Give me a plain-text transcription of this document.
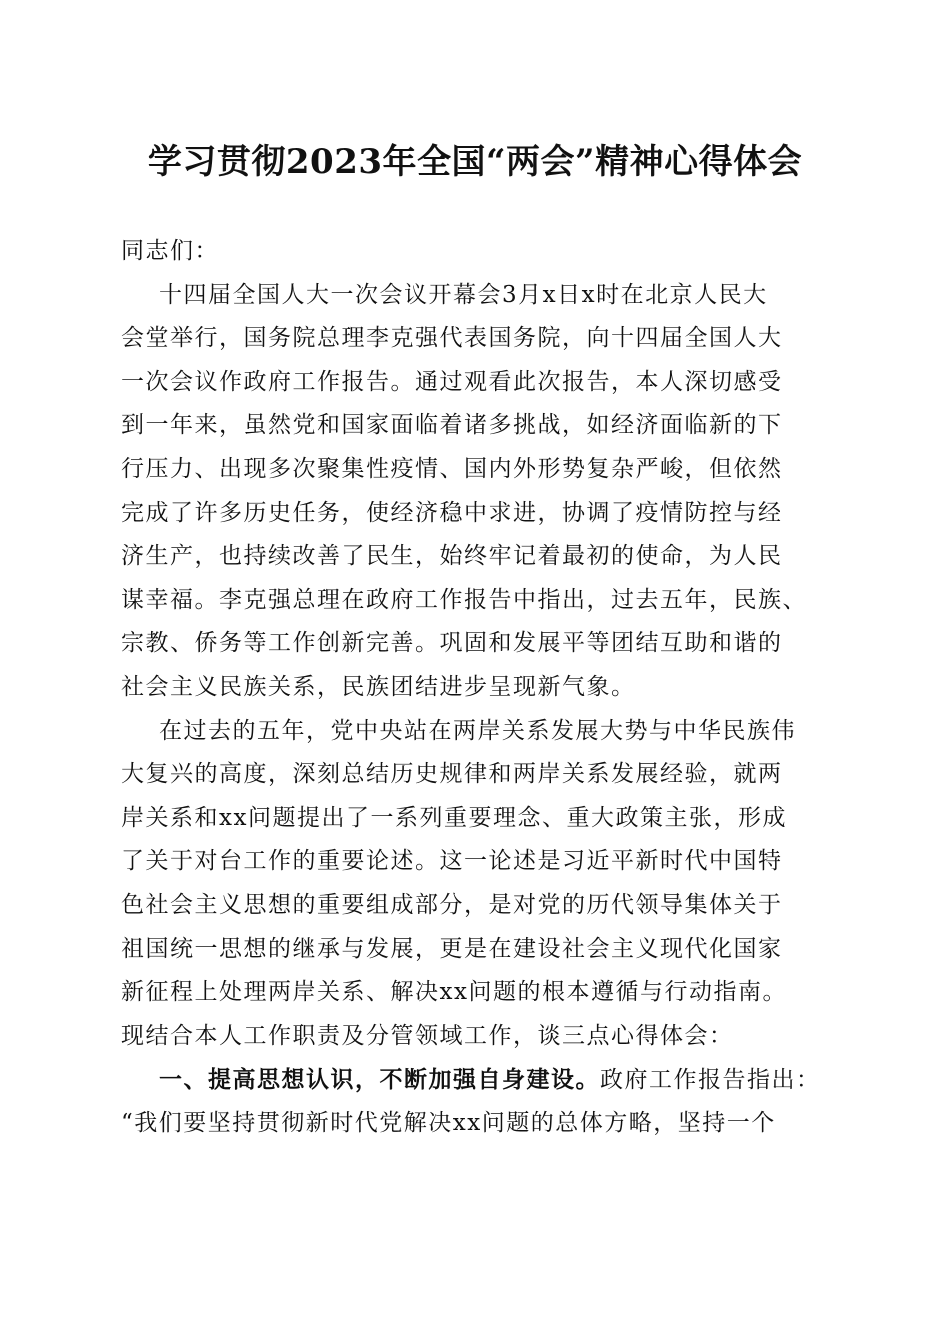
学习贯彻2023年全国“两会”精神心得体会
同志们：
十四届全国人大一次会议开幕会3月x日x时在北京人民大
会堂举行，国务院总理李克强代表国务院，向十四届全国人大
一次会议作政府工作报告。通过观看此次报告，本人深切感受
到一年来，虽然党和国家面临着诸多挑战，如经济面临新的下
行压力、出现多次聚集性疫情、国内外形势复杂严峻，但依然
完成了许多历史任务，使经济稳中求进，协调了疫情防控与经
济生产，也持续改善了民生，始终牢记着最初的使命，为人民
谋幸福。李克强总理在政府工作报告中指出，过去五年，民族、
宗教、侨务等工作创新完善。巩固和发展平等团结互助和谐的
社会主义民族关系，民族团结进步呈现新气象。
在过去的五年，党中央站在两岸关系发展大势与中华民族伟
大复兴的高度，深刻总结历史规律和两岸关系发展经验，就两
岸关系和xx问题提出了一系列重要理念、重大政策主张，形成
了关于对台工作的重要论述。这一论述是习近平新时代中国特
色社会主义思想的重要组成部分，是对党的历代领导集体关于
祖国统一思想的继承与发展，更是在建设社会主义现代化国家
新征程上处理两岸关系、解决xx问题的根本遵循与行动指南。
现结合本人工作职责及分管领域工作，谈三点心得体会：
一、提高思想认识，不断加强自身建设。政府工作报告指出：
“我们要坚持贯彻新时代党解决xx问题的总体方略，坚持一个
